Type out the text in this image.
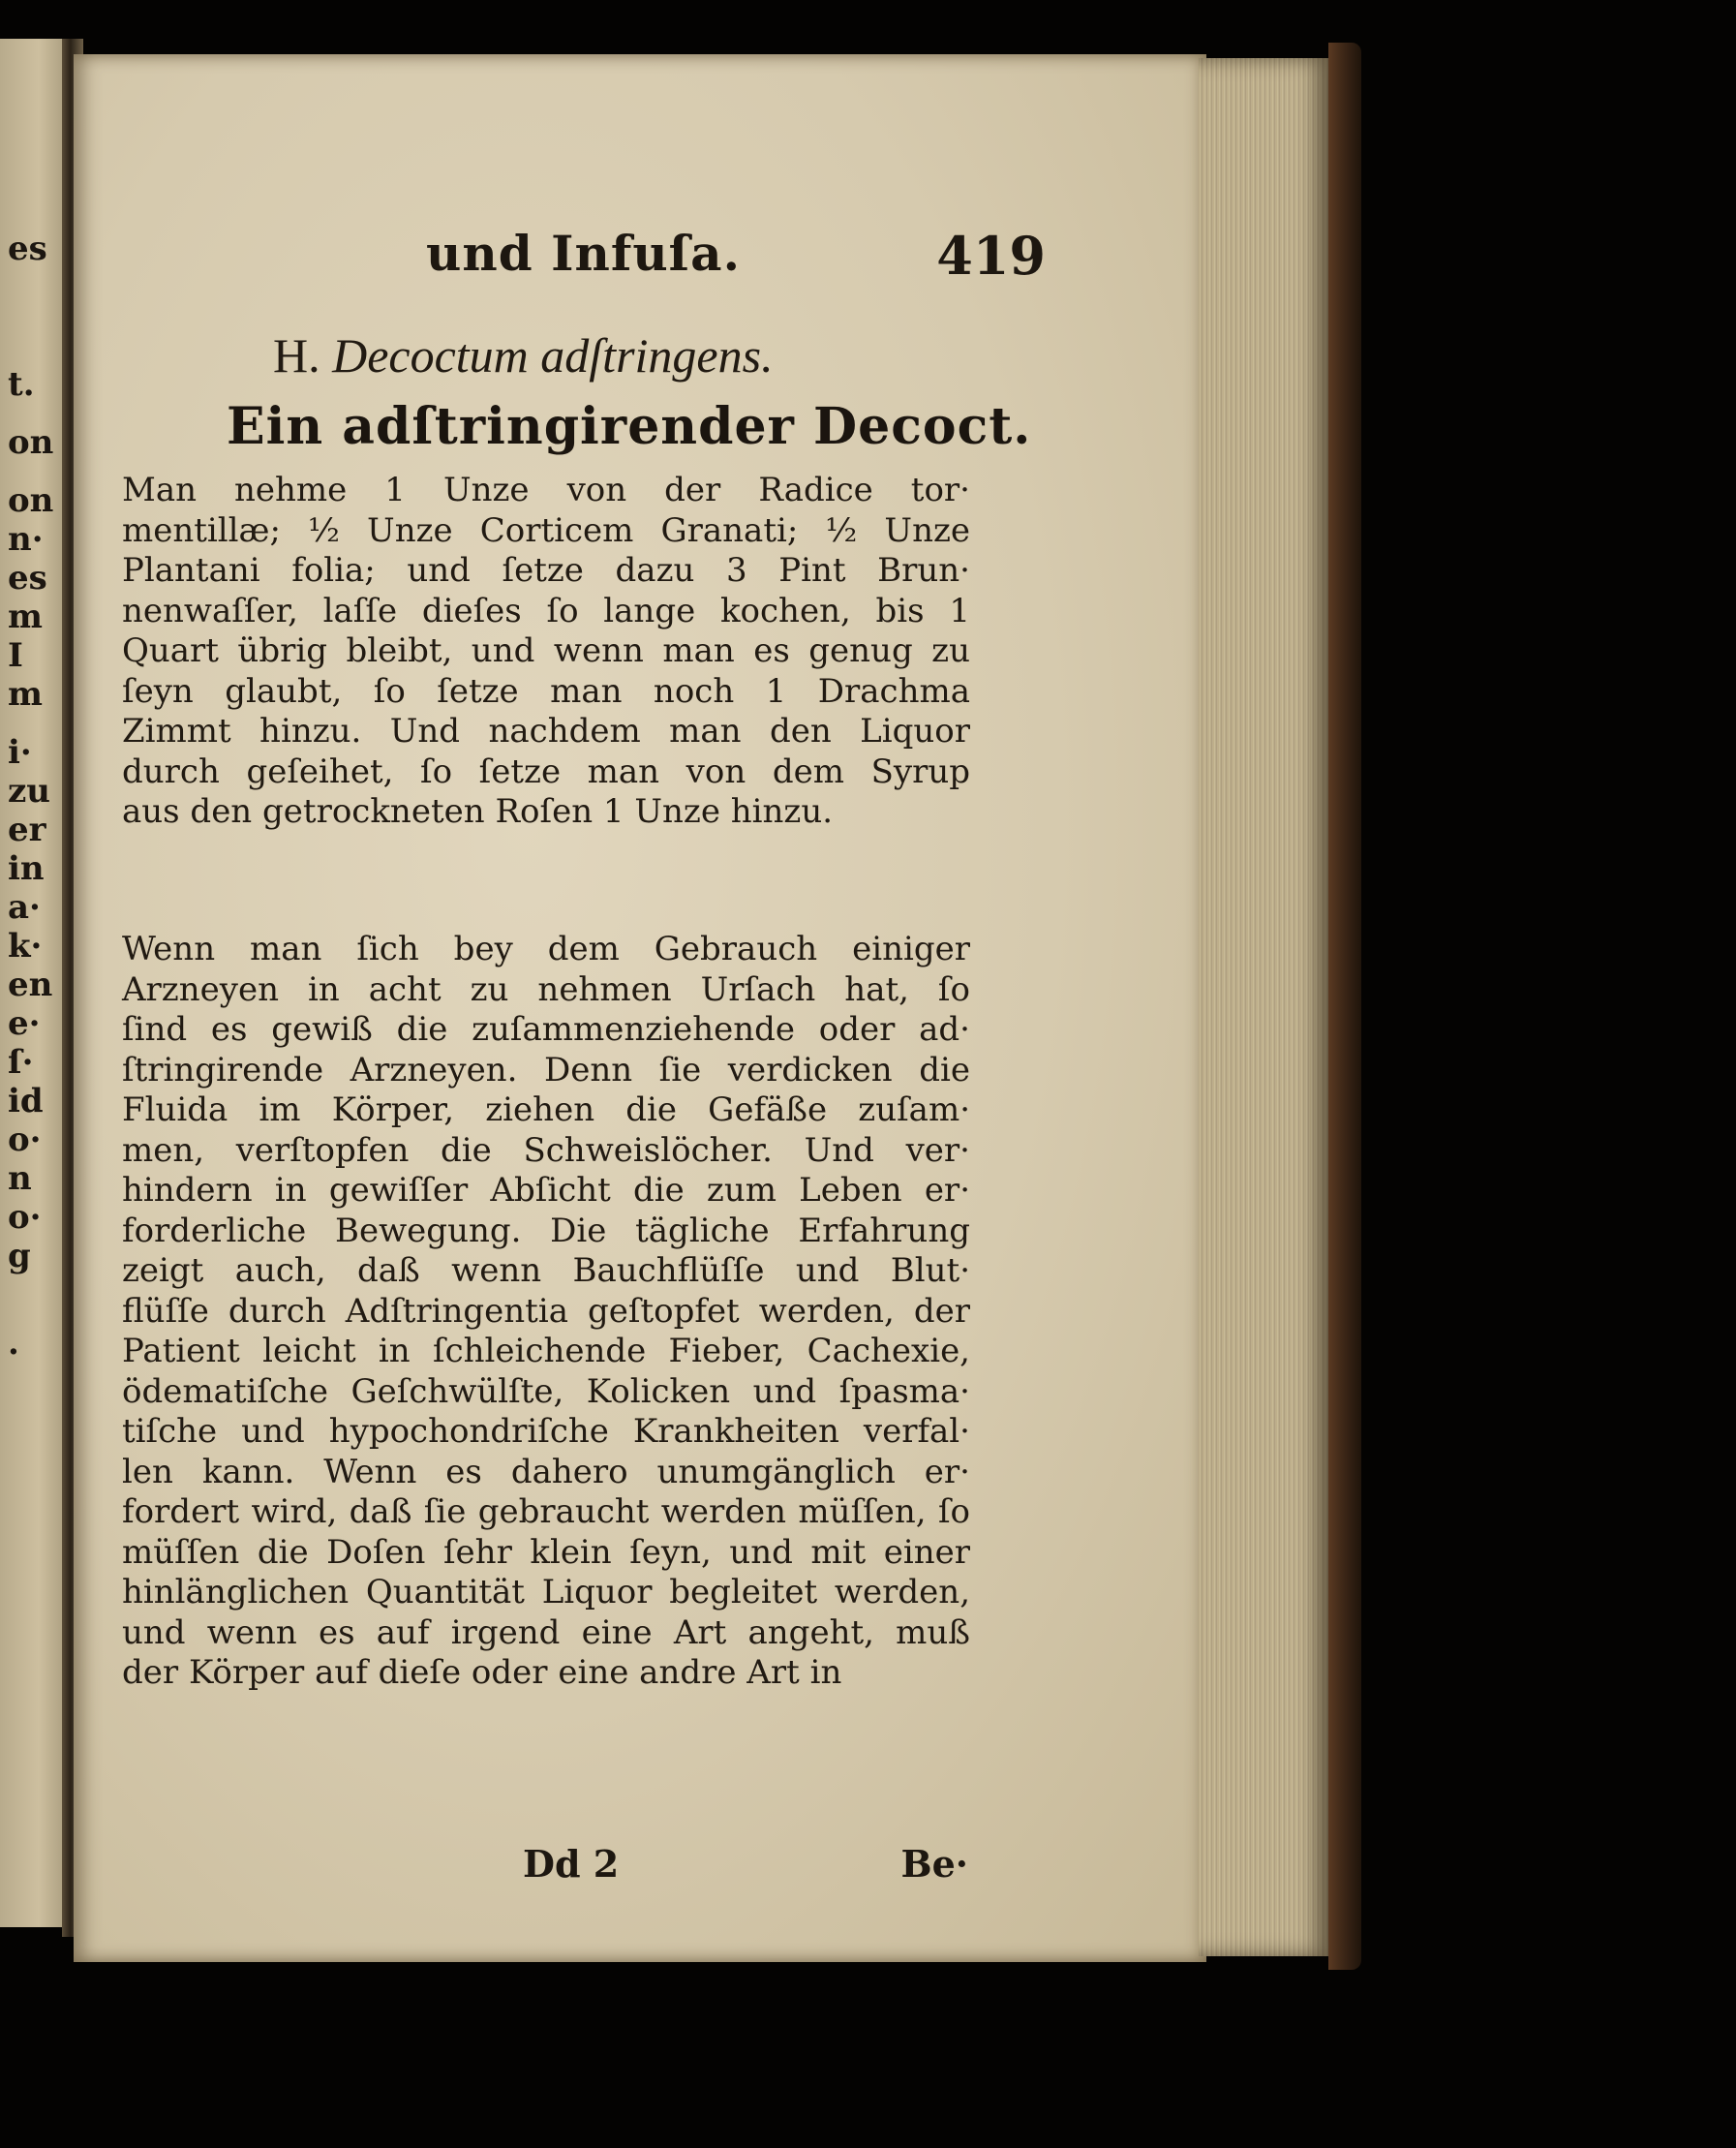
es
t.
on
on
n·
es
m
I
m
i·
zu
er
in
a·
k·
en
e·
ſ·
id
o·
n
o·
g
.
und Infuſa.	419
H. Decoctum adſtringens.
Ein adſtringirender Decoct.
Man nehme 1 Unze von der Radice tor·
mentillæ; ½ Unze Corticem Granati; ½ Unze
Plantani folia; und ſetze dazu 3 Pint Brun·
nenwaſſer, laſſe dieſes ſo lange kochen, bis 1
Quart übrig bleibt, und wenn man es genug zu
ſeyn glaubt, ſo ſetze man noch 1 Drachma
Zimmt hinzu. Und nachdem man den Liquor
durch geſeihet, ſo ſetze man von dem Syrup
aus den getrockneten Roſen 1 Unze hinzu.
Wenn man ſich bey dem Gebrauch einiger
Arzneyen in acht zu nehmen Urſach hat, ſo
ſind es gewiß die zuſammenziehende oder ad·
ſtringirende Arzneyen. Denn ſie verdicken die
Fluida im Körper, ziehen die Gefäße zuſam·
men, verſtopfen die Schweislöcher. Und ver·
hindern in gewiſſer Abſicht die zum Leben er·
forderliche Bewegung. Die tägliche Erfahrung
zeigt auch, daß wenn Bauchflüſſe und Blut·
flüſſe durch Adſtringentia geſtopfet werden, der
Patient leicht in ſchleichende Fieber, Cachexie,
ödematiſche Geſchwülſte, Kolicken und ſpasma·
tiſche und hypochondriſche Krankheiten verfal·
len kann. Wenn es dahero unumgänglich er·
fordert wird, daß ſie gebraucht werden müſſen, ſo
müſſen die Doſen ſehr klein ſeyn, und mit einer
hinlänglichen Quantität Liquor begleitet werden,
und wenn es auf irgend eine Art angeht, muß
der Körper auf dieſe oder eine andre Art in
Dd 2	Be·
